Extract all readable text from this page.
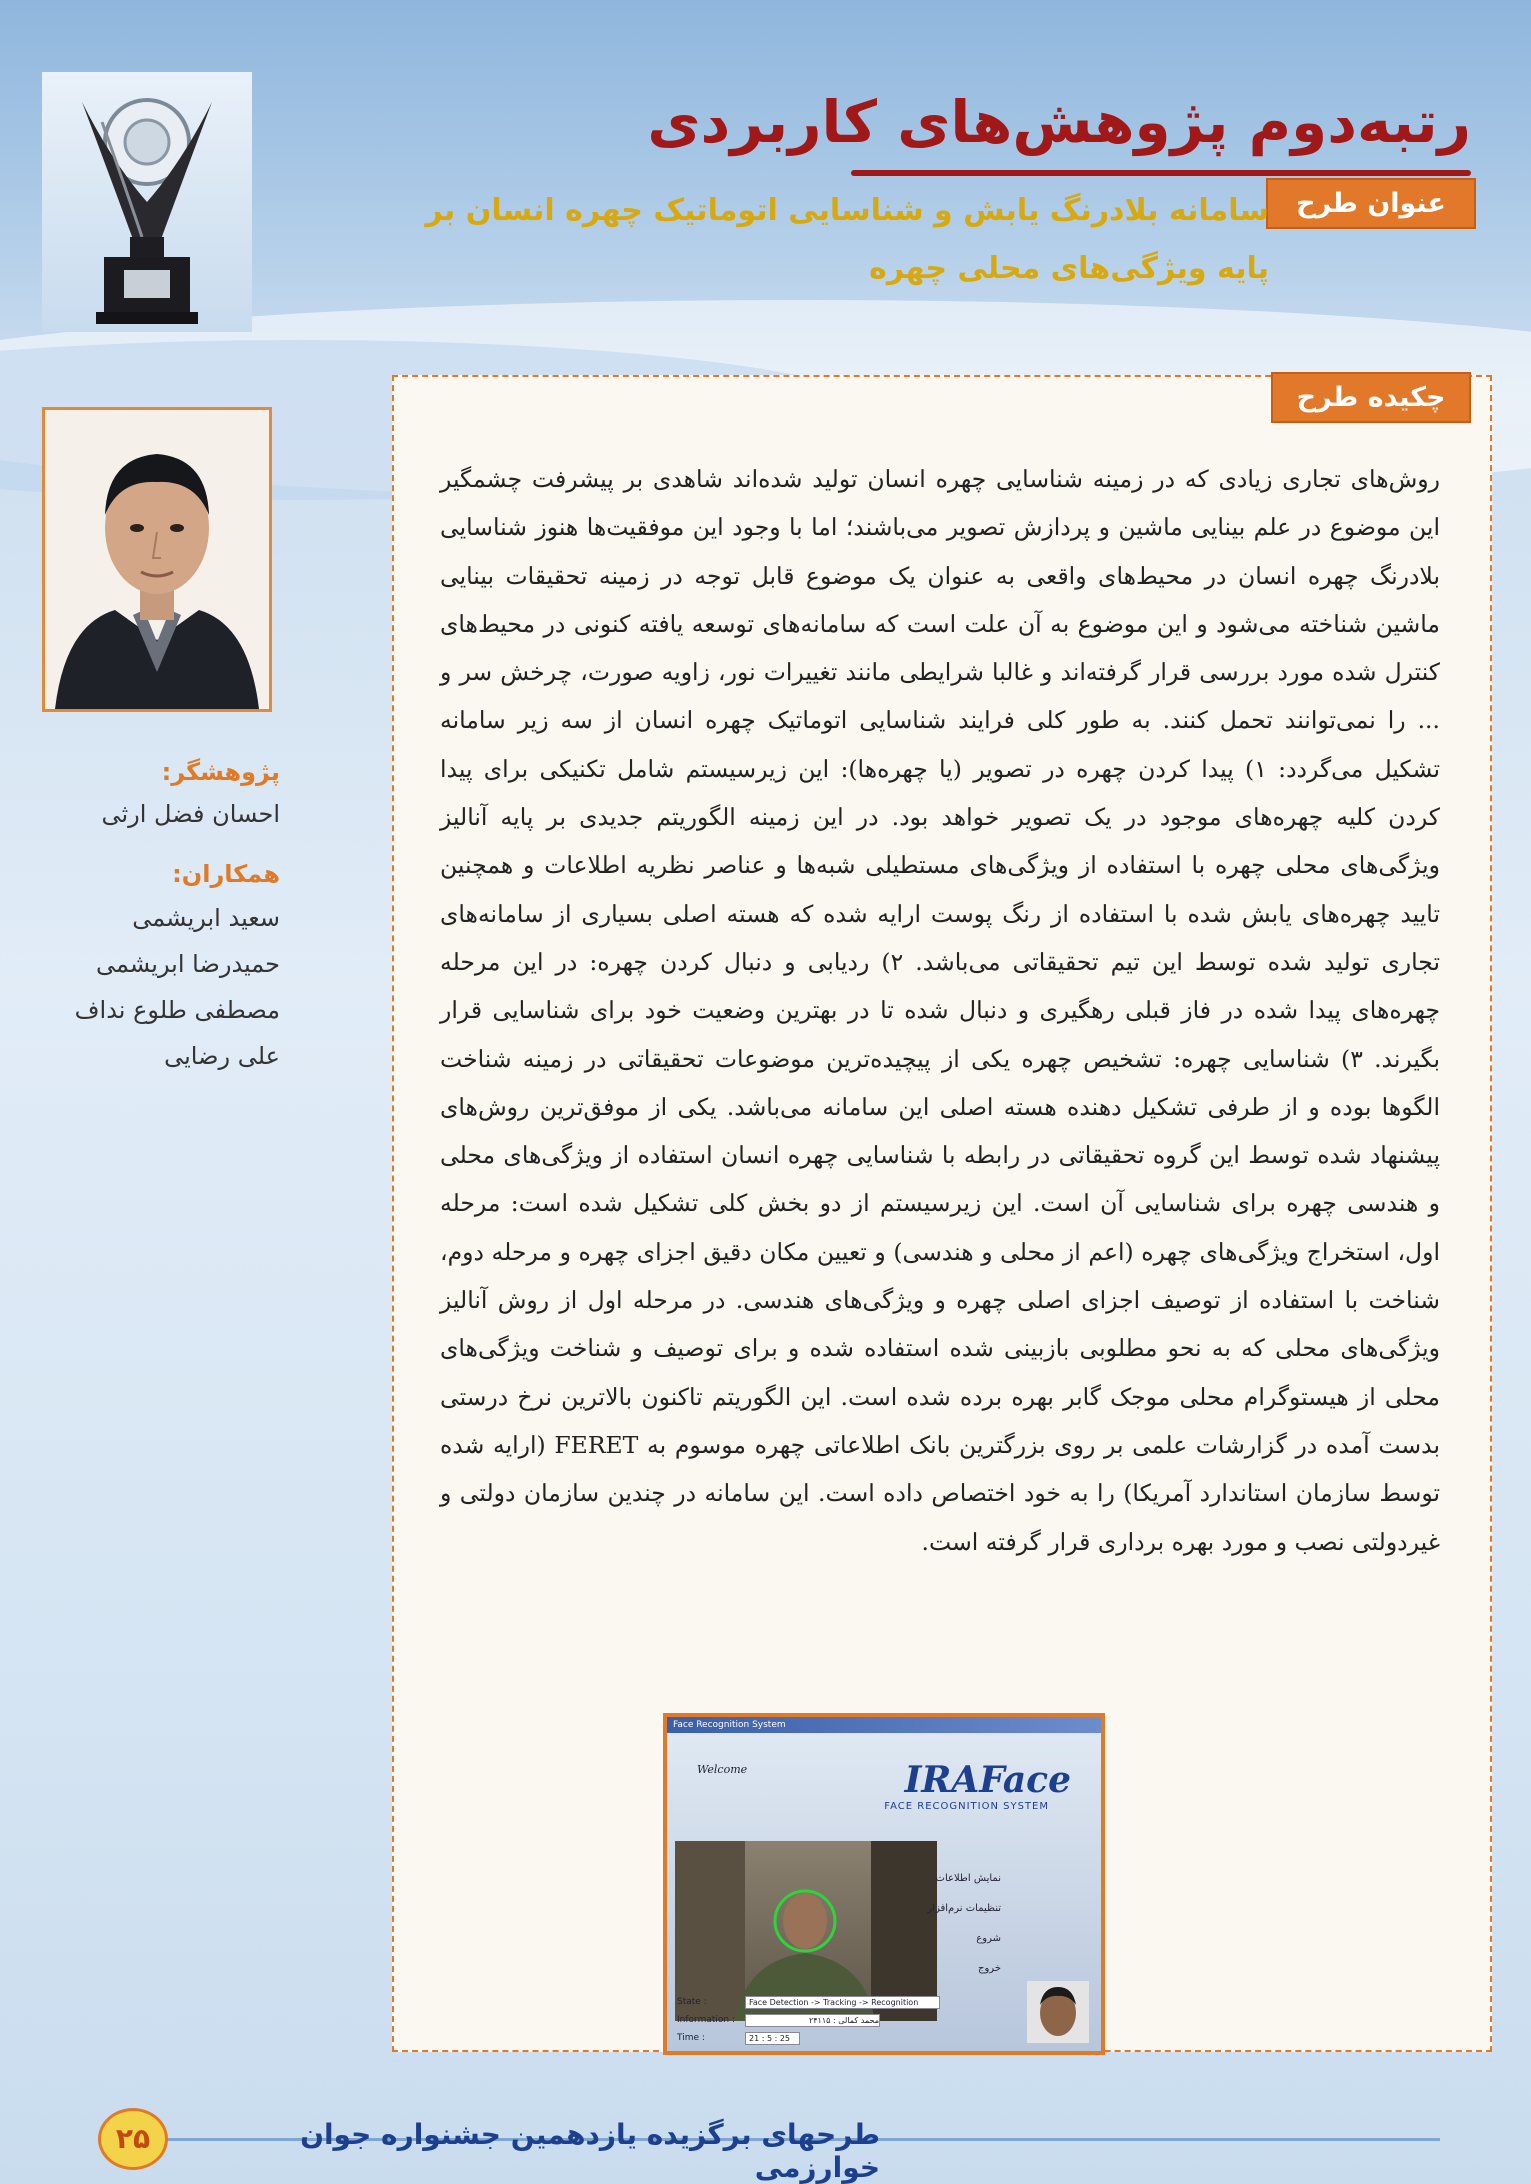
رتبه‌دوم پژوهش‌های کاربردی
عنوان طرح
سامانه بلادرنگ یابش و شناسایی اتوماتیک چهره انسان بر پایه ویژگی‌های محلی چهره
پژوهشگر:
احسان فضل ارثی
همکاران:
سعید ابریشمی
حمیدرضا ابریشمی
مصطفی طلوع نداف
علی رضایی
چکیده طرح
روش‌های تجاری زیادی که در زمینه شناسایی چهره انسان تولید شده‌اند شاهدی بر پیشرفت چشمگیر این موضوع در علم بینایی ماشین و پردازش تصویر می‌باشند؛ اما با وجود این موفقیت‌ها هنوز شناسایی بلادرنگ چهره انسان در محیط‌های واقعی به عنوان یک موضوع قابل توجه در زمینه تحقیقات بینایی ماشین شناخته می‌شود و این موضوع به آن علت است که سامانه‌های توسعه یافته کنونی در محیط‌های کنترل شده مورد بررسی قرار گرفته‌اند و غالبا شرایطی مانند تغییرات نور، زاویه صورت، چرخش سر و ... را نمی‌توانند تحمل کنند. به طور کلی فرایند شناسایی اتوماتیک چهره انسان از سه زیر سامانه تشکیل می‌گردد: ۱) پیدا کردن چهره در تصویر (یا چهره‌ها): این زیرسیستم شامل تکنیکی برای پیدا کردن کلیه چهره‌های موجود در یک تصویر خواهد بود. در این زمینه الگوریتم جدیدی بر پایه آنالیز ویژگی‌های محلی چهره با استفاده از ویژگی‌های مستطیلی شبه‌ها و عناصر نظریه اطلاعات و همچنین تایید چهره‌های یابش شده با استفاده از رنگ پوست ارایه شده که هسته اصلی بسیاری از سامانه‌های تجاری تولید شده توسط این تیم تحقیقاتی می‌باشد. ۲) ردیابی و دنبال کردن چهره: در این مرحله چهره‌های پیدا شده در فاز قبلی رهگیری و دنبال شده تا در بهترین وضعیت خود برای شناسایی قرار بگیرند. ۳) شناسایی چهره: تشخیص چهره یکی از پیچیده‌ترین موضوعات تحقیقاتی در زمینه شناخت الگوها بوده و از طرفی تشکیل دهنده هسته اصلی این سامانه می‌باشد. یکی از موفق‌ترین روش‌های پیشنهاد شده توسط این گروه تحقیقاتی در رابطه با شناسایی چهره انسان استفاده از ویژگی‌های محلی و هندسی چهره برای شناسایی آن است. این زیرسیستم از دو بخش کلی تشکیل شده است: مرحله اول، استخراج ویژگی‌های چهره (اعم از محلی و هندسی) و تعیین مکان دقیق اجزای چهره و مرحله دوم، شناخت با استفاده از توصیف اجزای اصلی چهره و ویژگی‌های هندسی. در مرحله اول از روش آنالیز ویژگی‌های محلی که به نحو مطلوبی بازبینی شده استفاده شده و برای توصیف و شناخت ویژگی‌های محلی از هیستوگرام محلی موجک گابر بهره برده شده است. این الگوریتم تاکنون بالاترین نرخ درستی بدست آمده در گزارشات علمی بر روی بزرگترین بانک اطلاعاتی چهره موسوم به FERET (ارایه شده توسط سازمان استاندارد آمریکا) را به خود اختصاص داده است. این سامانه در چندین سازمان دولتی و غیردولتی نصب و مورد بهره برداری قرار گرفته است.
Face Recognition System
Welcome	IRAFace
FACE RECOGNITION SYSTEM
نمایش اطلاعات
تنظیمات نرم‌افزار
شروع
خروج
State :	Face Detection -> Tracking -> Recognition
Information :	محمد کمالی : ۲۴۱۱۵
Time :	21 : 5 : 25
۲۵	طرحهای برگزیده یازدهمین جشنواره جوان خوارزمی
